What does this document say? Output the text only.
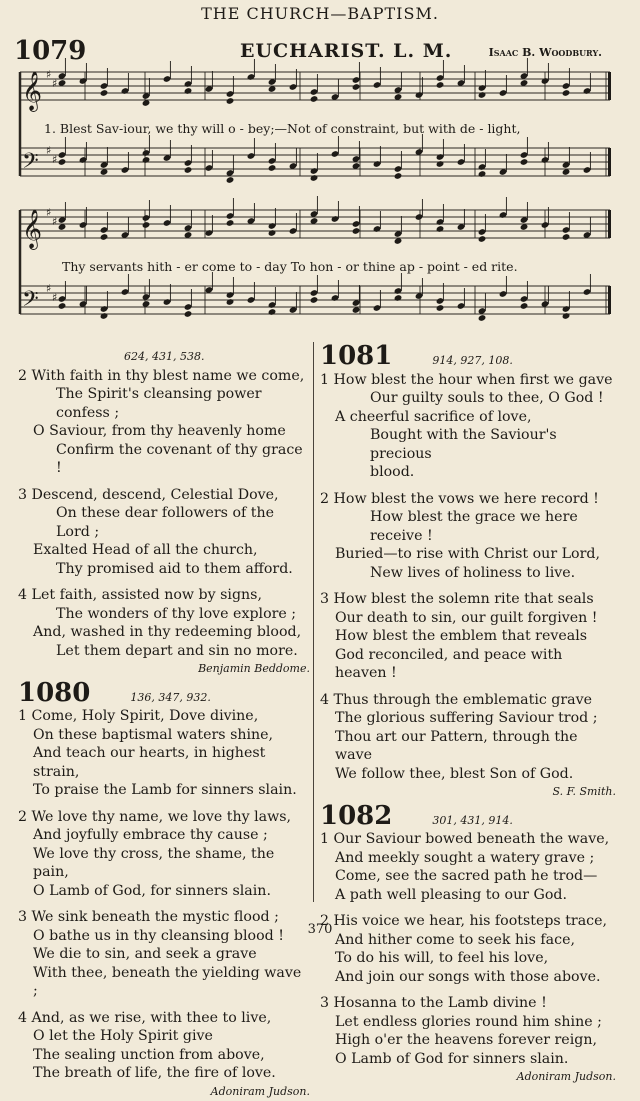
THE CHURCH—BAPTISM.
1079	EUCHARIST. L. M.	Isaac B. Woodbury.
𝄞 ♯
♯
𝄢 ♯
♯
𝄞 ♯
♯
𝄢 ♯
♯
1. Blest Sav-iour, we thy will o - bey;—Not of constraint, but with de - light,
Thy servants hith - er come to - day To hon - or thine ap - point - ed rite.

624, 431, 538.

2 With faith in thy blest name we come,

The Spirit's cleansing power confess ;

O Saviour, from thy heavenly home

Confirm the covenant of thy grace !

3 Descend, descend, Celestial Dove,

On these dear followers of the Lord ;

Exalted Head of all the church,

Thy promised aid to them afford.

4 Let faith, assisted now by signs,

The wonders of thy love explore ;

And, washed in thy redeeming blood,

Let them depart and sin no more.

Benjamin Beddome.

1080	136, 347, 932.

1 Come, Holy Spirit, Dove divine,

On these baptismal waters shine,

And teach our hearts, in highest strain,

To praise the Lamb for sinners slain.

2 We love thy name, we love thy laws,

And joyfully embrace thy cause ;

We love thy cross, the shame, the pain,

O Lamb of God, for sinners slain.

3 We sink beneath the mystic flood ;

O bathe us in thy cleansing blood !

We die to sin, and seek a grave

With thee, beneath the yielding wave ;

4 And, as we rise, with thee to live,

O let the Holy Spirit give

The sealing unction from above,

The breath of life, the fire of love.

Adoniram Judson.

1081	914, 927, 108.

1 How blest the hour when first we gave

Our guilty souls to thee, O God !

A cheerful sacrifice of love,

Bought with the Saviour's precious

blood.

2 How blest the vows we here record !

How blest the grace we here receive !

Buried—to rise with Christ our Lord,

New lives of holiness to live.

3 How blest the solemn rite that seals

Our death to sin, our guilt forgiven !

How blest the emblem that reveals

God reconciled, and peace with heaven !

4 Thus through the emblematic grave

The glorious suffering Saviour trod ;

Thou art our Pattern, through the wave

We follow thee, blest Son of God.

S. F. Smith.

1082	301, 431, 914.

1 Our Saviour bowed beneath the wave,

And meekly sought a watery grave ;

Come, see the sacred path he trod—

A path well pleasing to our God.

2 His voice we hear, his footsteps trace,

And hither come to seek his face,

To do his will, to feel his love,

And join our songs with those above.

3 Hosanna to the Lamb divine !

Let endless glories round him shine ;

High o'er the heavens forever reign,

O Lamb of God for sinners slain.

Adoniram Judson.

370
